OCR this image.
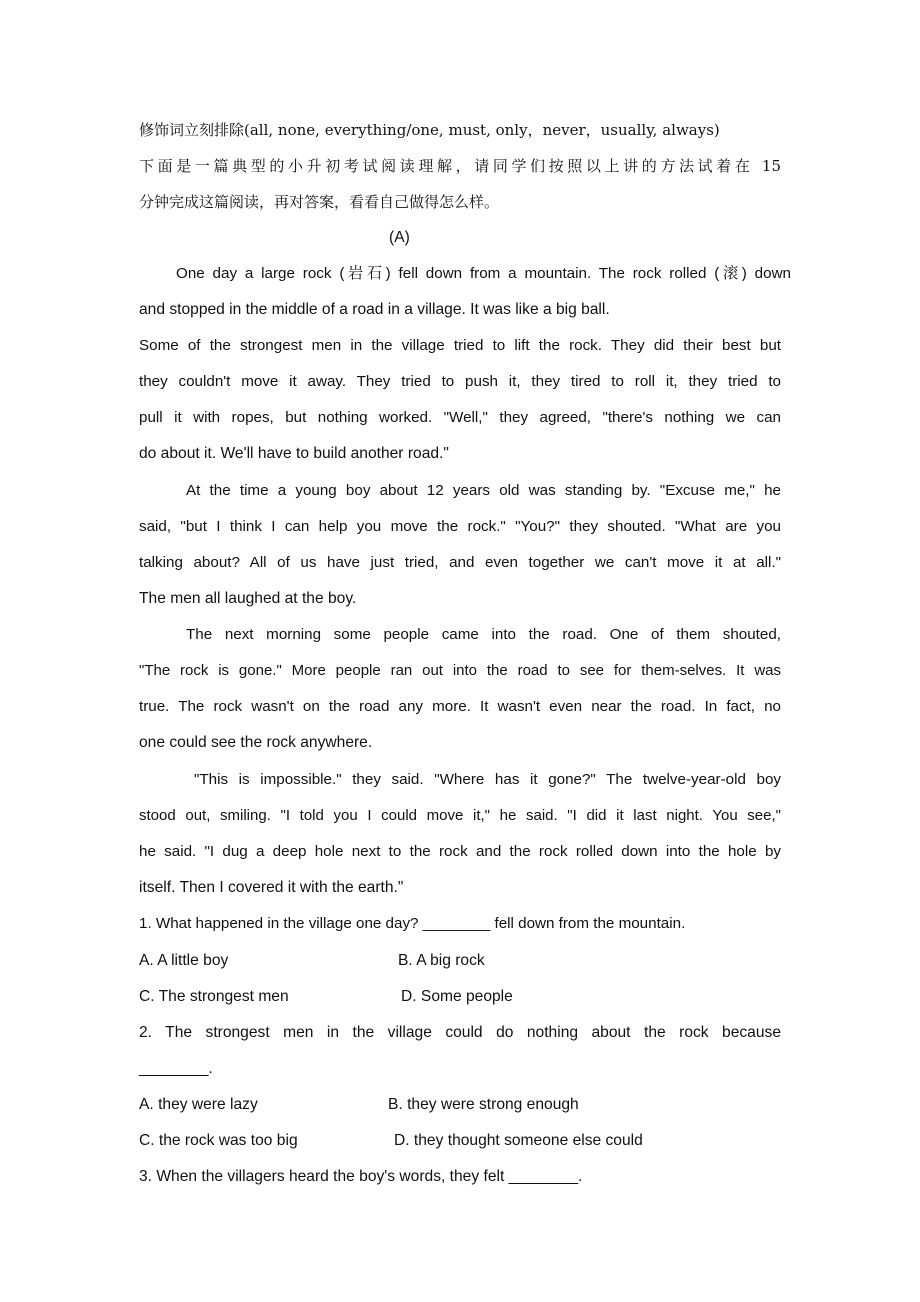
修饰词立刻排除(all, none, everything/one, must, only，never，usually, always)
下面是一篇典型的小升初考试阅读理解，请同学们按照以上讲的方法试着在 15
分钟完成这篇阅读，再对答案，看看自己做得怎么样。
(A)
One day a large rock (岩石) fell down from a mountain. The rock rolled (滚) down
and stopped in the middle of a road in a village. It was like a big ball.
Some of the strongest men in the village tried to lift the rock. They did their best but
they couldn't move it away. They tried to push it, they tired to roll it, they tried to
pull it with ropes, but nothing worked. "Well," they agreed, "there's nothing we can
do about it. We'll have to build another road."
At the time a young boy about 12 years old was standing by. "Excuse me," he
said, "but I think I can help you move the rock." "You?" they shouted. "What are you
talking about? All of us have just tried, and even together we can't move it at all."
The men all laughed at the boy.
The next morning some people came into the road. One of them shouted,
"The rock is gone." More people ran out into the road to see for them-selves. It was
true. The rock wasn't on the road any more. It wasn't even near the road. In fact, no
one could see the rock anywhere.
"This is impossible." they said. "Where has it gone?" The twelve-year-old boy
stood out, smiling. "I told you I could move it," he said. "I did it last night. You see,"
he said. "I dug a deep hole next to the rock and the rock rolled down into the hole by
itself. Then I covered it with the earth."
1. What happened in the village one day? ________ fell down from the mountain.
A. A little boy	B. A big rock
C. The strongest men	D. Some people
2. The strongest men in the village could do nothing about the rock because
________.
A. they were lazy	B. they were strong enough
C. the rock was too big	D. they thought someone else could
3. When the villagers heard the boy's words, they felt ________.
